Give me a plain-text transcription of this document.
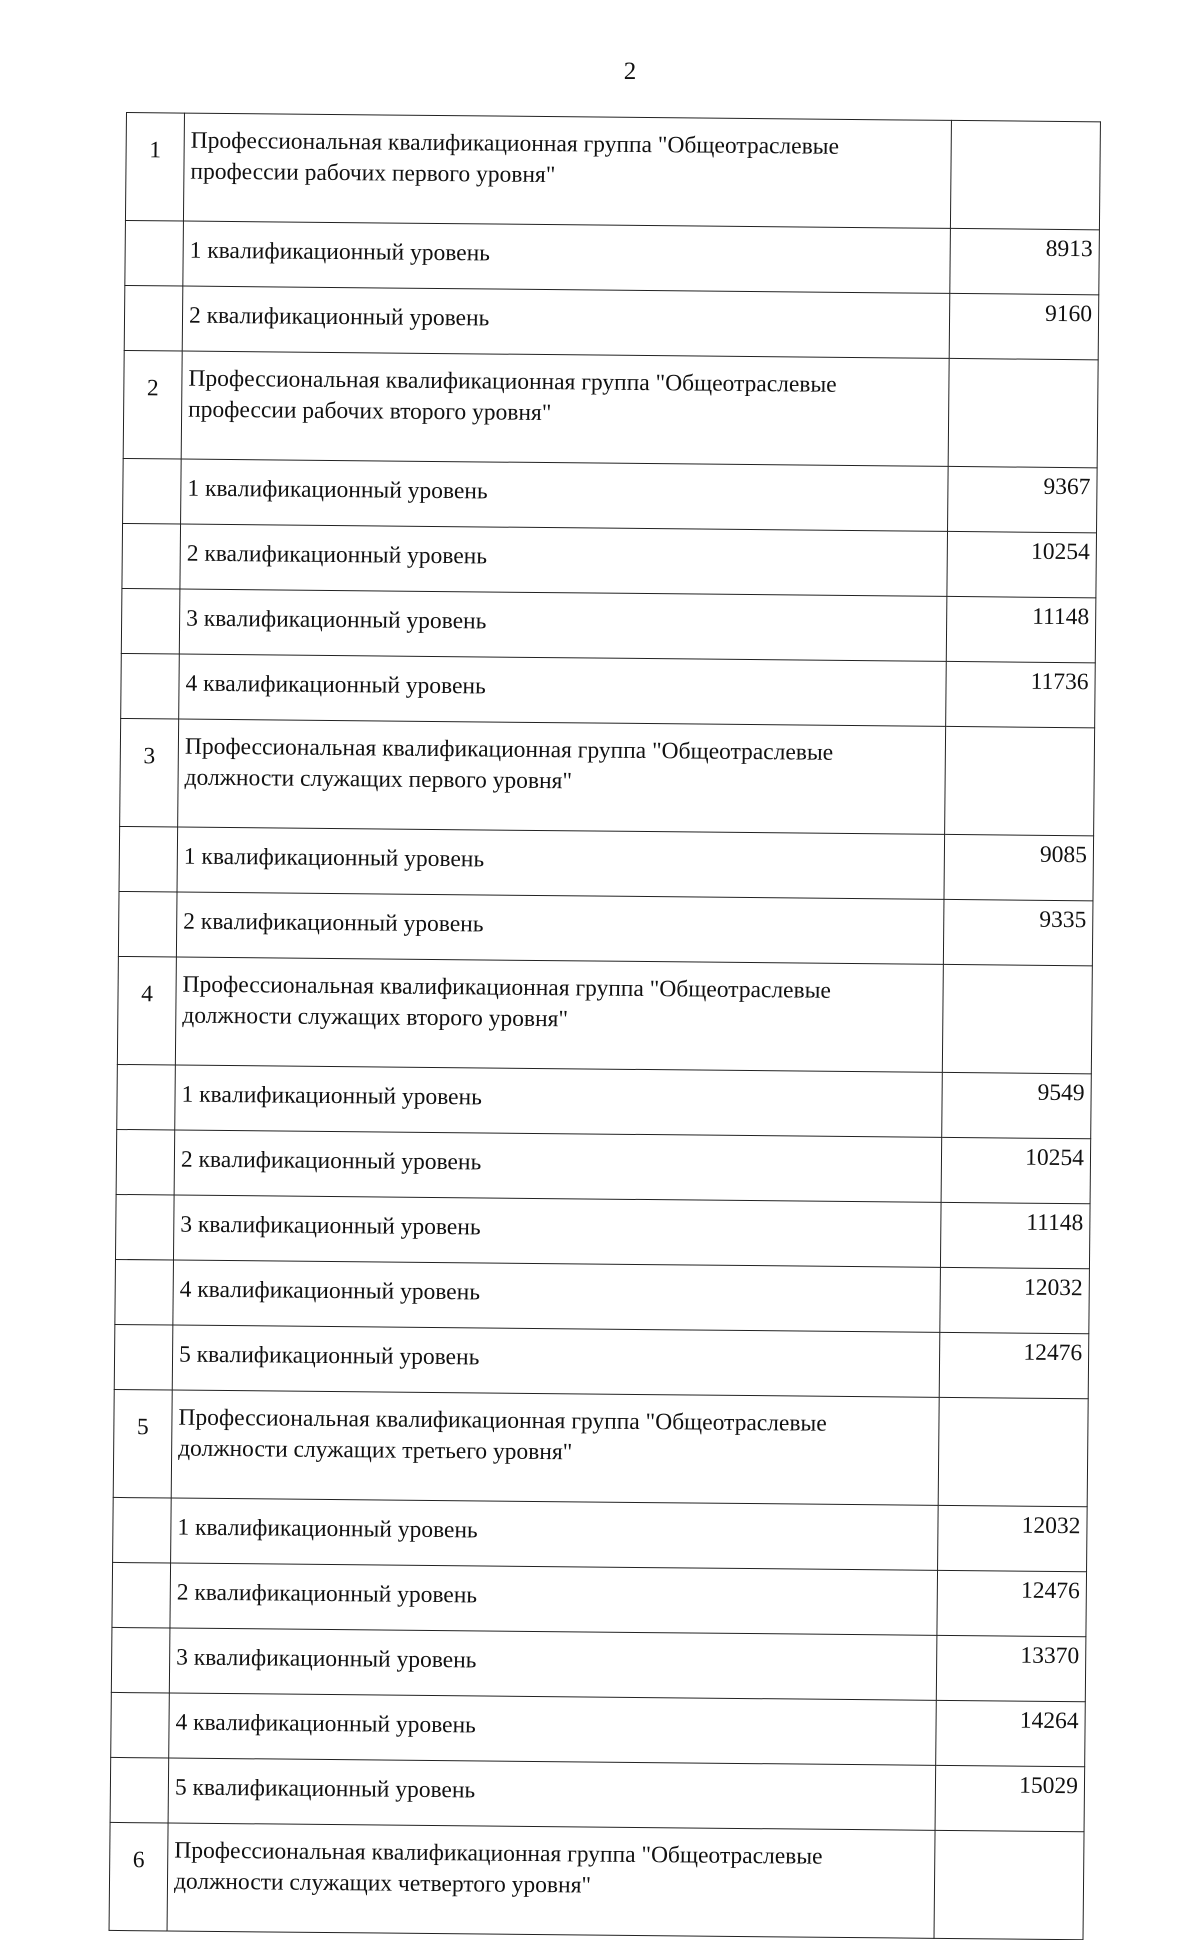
2
1	Профессиональная квалификационная группа "Общеотраслевые профессии рабочих первого уровня"	
	1 квалификационный уровень	8913
	2 квалификационный уровень	9160
2	Профессиональная квалификационная группа "Общеотраслевые профессии рабочих второго уровня"	
	1 квалификационный уровень	9367
	2 квалификационный уровень	10254
	3 квалификационный уровень	11148
	4 квалификационный уровень	11736
3	Профессиональная квалификационная группа "Общеотраслевые должности служащих первого уровня"	
	1 квалификационный уровень	9085
	2 квалификационный уровень	9335
4	Профессиональная квалификационная группа "Общеотраслевые должности служащих второго уровня"	
	1 квалификационный уровень	9549
	2 квалификационный уровень	10254
	3 квалификационный уровень	11148
	4 квалификационный уровень	12032
	5 квалификационный уровень	12476
5	Профессиональная квалификационная группа "Общеотраслевые должности служащих третьего уровня"	
	1 квалификационный уровень	12032
	2 квалификационный уровень	12476
	3 квалификационный уровень	13370
	4 квалификационный уровень	14264
	5 квалификационный уровень	15029
6	Профессиональная квалификационная группа "Общеотраслевые должности служащих четвертого уровня"	
